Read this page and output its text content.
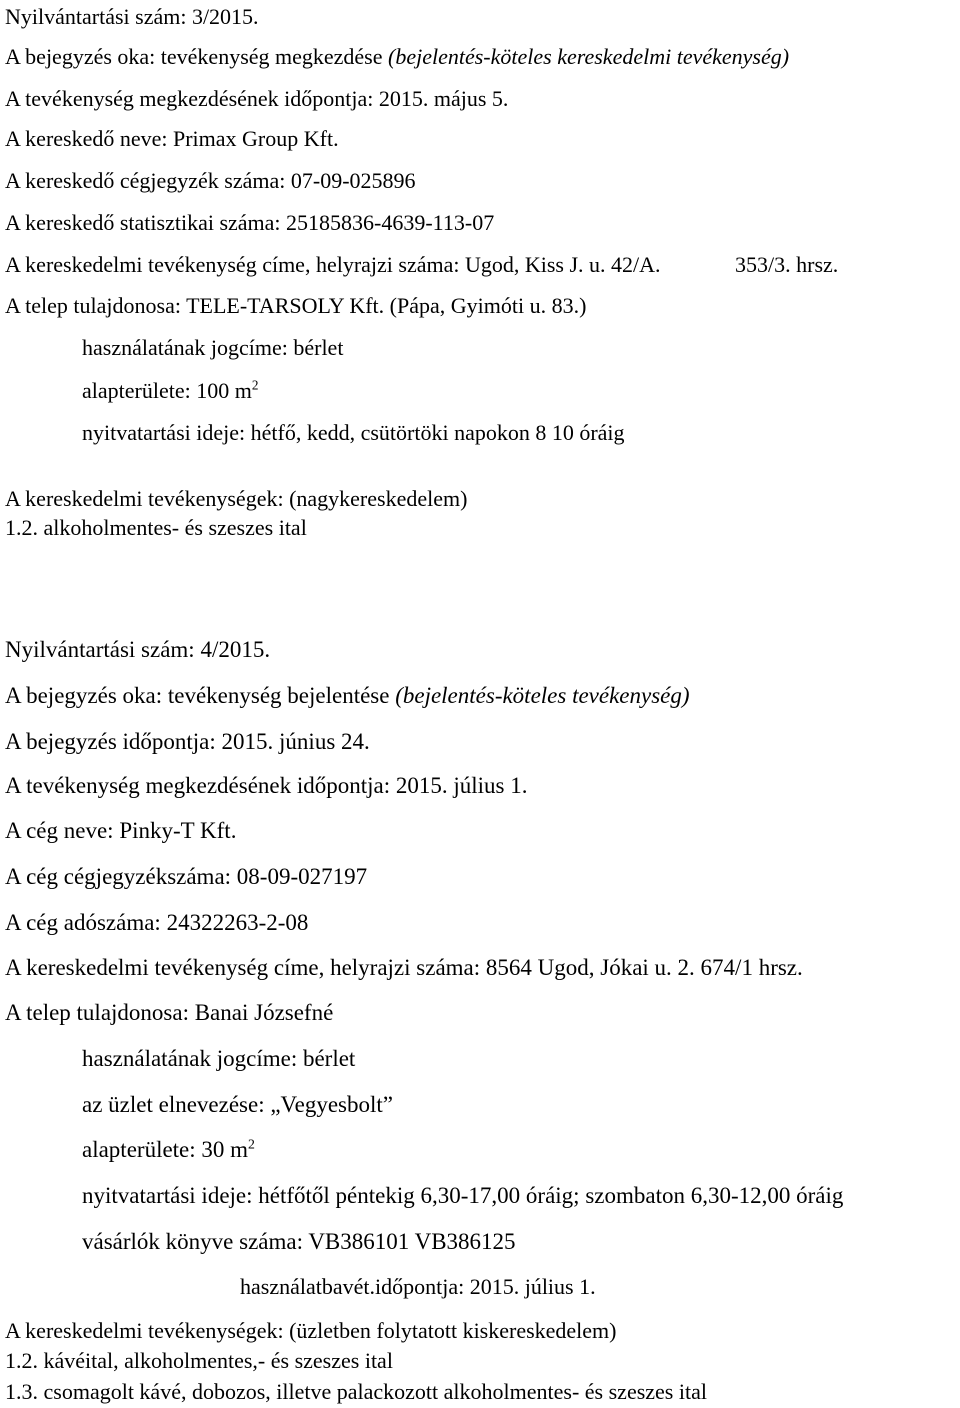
Nyilvántartási szám: 3/2015.
A bejegyzés oka: tevékenység megkezdése (bejelentés-köteles kereskedelmi tevékenység)
A tevékenység megkezdésének időpontja: 2015. május 5.
A kereskedő neve: Primax Group Kft.
A kereskedő cégjegyzék száma: 07-09-025896
A kereskedő statisztikai száma: 25185836-4639-113-07
A kereskedelmi tevékenység címe, helyrajzi száma: Ugod, Kiss J. u. 42/A.	353/3. hrsz.
A telep tulajdonosa: TELE-TARSOLY Kft. (Pápa, Gyimóti u. 83.)
használatának jogcíme: bérlet
alapterülete: 100 $m^2$
nyitvatartási ideje: hétfő, kedd, csütörtöki napokon 8 10 óráig
A kereskedelmi tevékenységek: (nagykereskedelem)
1.2. alkoholmentes- és szeszes ital
Nyilvántartási szám: 4/2015.
A bejegyzés oka: tevékenység bejelentése (bejelentés-köteles tevékenység)
A bejegyzés időpontja: 2015. június 24.
A tevékenység megkezdésének időpontja: 2015. július 1.
A cég neve: Pinky-T Kft.
A cég cégjegyzékszáma: 08-09-027197
A cég adószáma: 24322263-2-08
A kereskedelmi tevékenység címe, helyrajzi száma: 8564 Ugod, Jókai u. 2. 674/1 hrsz.
A telep tulajdonosa: Banai Józsefné
használatának jogcíme: bérlet
az üzlet elnevezése: „Vegyesbolt”
alapterülete: 30 $m^2$
nyitvatartási ideje: hétfőtől péntekig 6,30-17,00 óráig; szombaton 6,30-12,00 óráig
vásárlók könyve száma: VB386101 VB386125
használatbavét.időpontja: 2015. július 1.
A kereskedelmi tevékenységek: (üzletben folytatott kiskereskedelem)
1.2. kávéital, alkoholmentes,- és szeszes ital
1.3. csomagolt kávé, dobozos, illetve palackozott alkoholmentes- és szeszes ital
